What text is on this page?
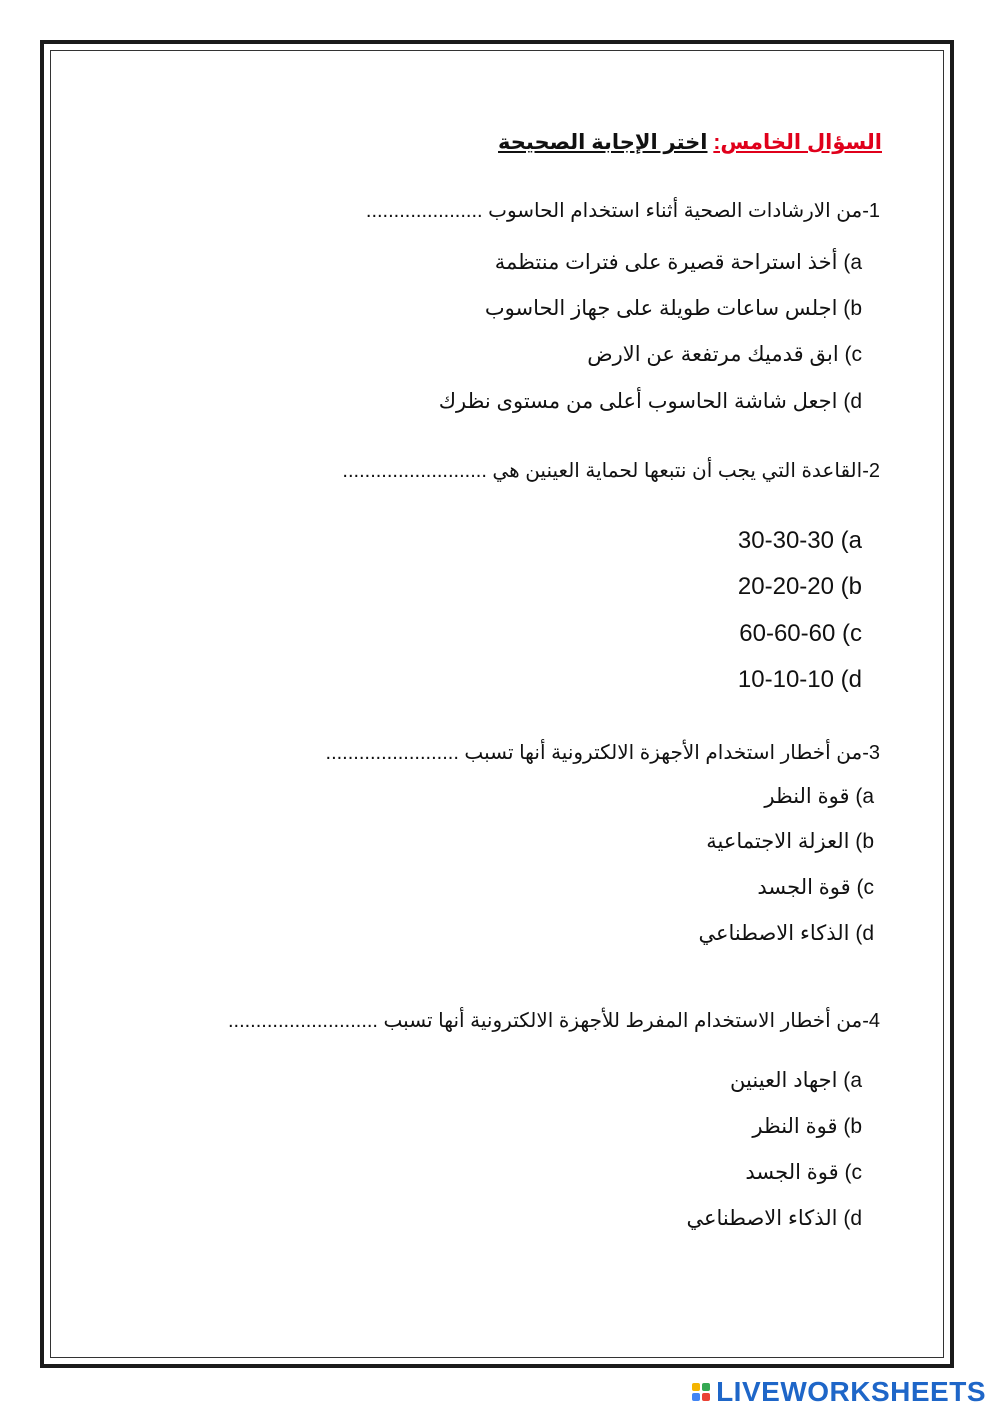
السؤال الخامس: اختر الإجابة الصحيحة
1-من الارشادات الصحية أثناء استخدام الحاسوب .....................
a) أخذ استراحة قصيرة على فترات منتظمة
b) اجلس ساعات طويلة على جهاز الحاسوب
c) ابق قدميك مرتفعة عن الارض
d) اجعل شاشة الحاسوب أعلى من مستوى نظرك
2-القاعدة التي يجب أن نتبعها لحماية العينين هي ..........................
30-30-30 (a
20-20-20 (b
60-60-60 (c
10-10-10 (d
3-من أخطار استخدام الأجهزة الالكترونية أنها تسبب ........................
a) قوة النظر
b) العزلة الاجتماعية
c) قوة الجسد
d) الذكاء الاصطناعي
4-من أخطار الاستخدام المفرط للأجهزة الالكترونية أنها تسبب ...........................
a) اجهاد العينين
b) قوة النظر
c) قوة الجسد
d) الذكاء الاصطناعي
LIVEWORKSHEETS
